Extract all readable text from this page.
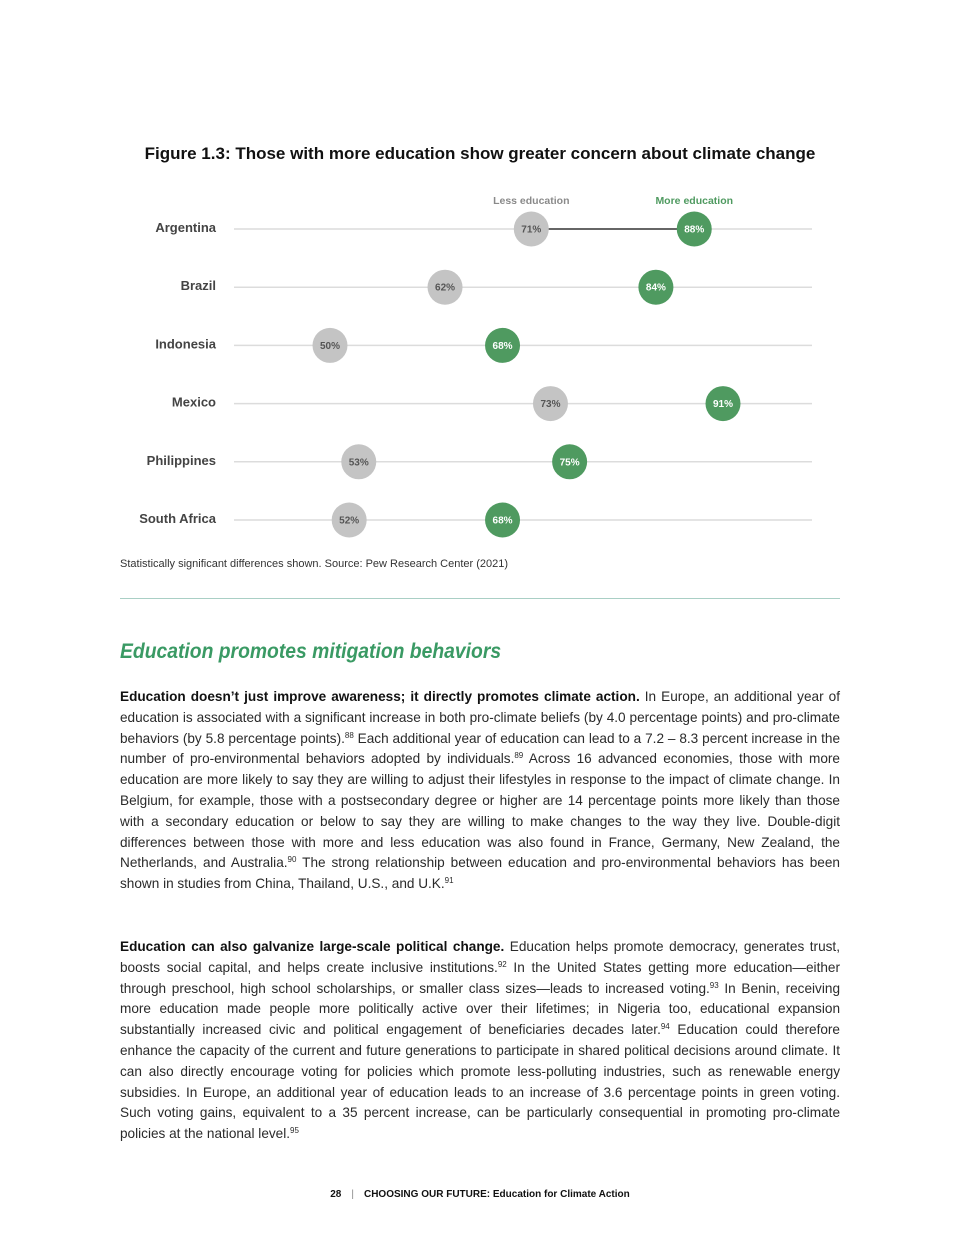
Figure 1.3: Those with more education show greater concern about climate change
Less education	More education
Argentina	71%	88%
Brazil	62%	84%
Indonesia	50%	68%
Mexico	73%	91%
Philippines	53%	75%
South Africa	52%	68%
Statistically significant differences shown. Source: Pew Research Center (2021)
Education promotes mitigation behaviors

Education doesn’t just improve awareness; it directly promotes climate action. In Europe, an additional year of education is associated with a significant increase in both pro-climate beliefs (by 4.0 percentage points) and pro-climate behaviors (by 5.8 percentage points).$^{88}$ Each additional year of education can lead to a 7.2 – 8.3 percent increase in the number of pro-environmental behaviors adopted by individuals.$^{89}$ Across 16 advanced economies, those with more education are more likely to say they are willing to adjust their lifestyles in response to the impact of climate change. In Belgium, for example, those with a postsecondary degree or higher are 14 percentage points more likely than those with a secondary education or below to say they are willing to make changes to the way they live. Double-digit differences between those with more and less education was also found in France, Germany, New Zealand, the Netherlands, and Australia.$^{90}$ The strong relationship between education and pro-environmental behaviors has been shown in studies from China, Thailand, U.S., and U.K.$^{91}$

Education can also galvanize large-scale political change. Education helps promote democracy, generates trust, boosts social capital, and helps create inclusive institutions.$^{92}$ In the United States getting more education—either through preschool, high school scholarships, or smaller class sizes—leads to increased voting.$^{93}$ In Benin, receiving more education made people more politically active over their lifetimes; in Nigeria too, educational expansion substantially increased civic and political engagement of beneficiaries decades later.$^{94}$ Education could therefore enhance the capacity of the current and future generations to participate in shared political decisions around climate. It can also directly encourage voting for policies which promote less-polluting industries, such as renewable energy subsidies. In Europe, an additional year of education leads to an increase of 3.6 percentage points in green voting. Such voting gains, equivalent to a 35 percent increase, can be particularly consequential in promoting pro-climate policies at the national level.$^{95}$

28 | CHOOSING OUR FUTURE: Education for Climate Action
